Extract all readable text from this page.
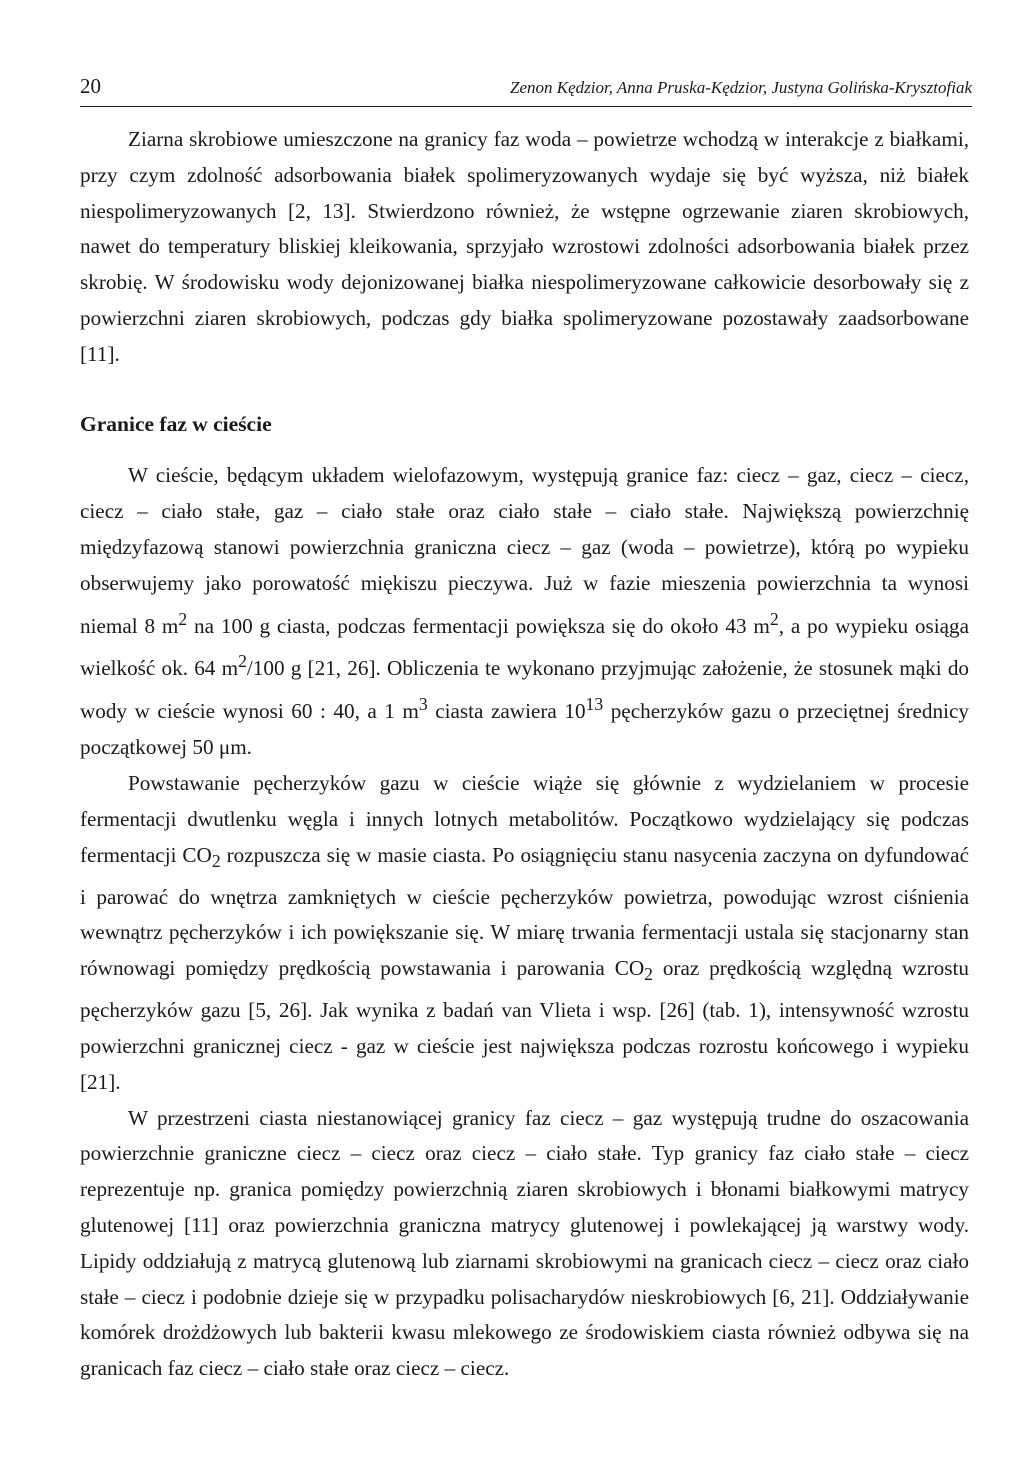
20	Zenon Kędzior, Anna Pruska-Kędzior, Justyna Golińska-Krysztofiak

Ziarna skrobiowe umieszczone na granicy faz woda – powietrze wchodzą w interakcje z białkami, przy czym zdolność adsorbowania białek spolimeryzowanych wydaje się być wyższa, niż białek niespolimeryzowanych [2, 13]. Stwierdzono również, że wstępne ogrzewanie ziaren skrobiowych, nawet do temperatury bliskiej kleikowania, sprzyjało wzrostowi zdolności adsorbowania białek przez skrobię. W środowisku wody dejonizowanej białka niespolimeryzowane całkowicie desorbowały się z powierzchni ziaren skrobiowych, podczas gdy białka spolimeryzowane pozostawały zaadsorbowane [11].

Granice faz w cieście

W cieście, będącym układem wielofazowym, występują granice faz: ciecz – gaz, ciecz – ciecz, ciecz – ciało stałe, gaz – ciało stałe oraz ciało stałe – ciało stałe. Największą powierzchnię międzyfazową stanowi powierzchnia graniczna ciecz – gaz (woda – powietrze), którą po wypieku obserwujemy jako porowatość miękiszu pieczywa. Już w fazie mieszenia powierzchnia ta wynosi niemal 8 $m^2$ na 100 g ciasta, podczas fermentacji powiększa się do około 43 $m^2$, a po wypieku osiąga wielkość ok. 64 $m^2/100$ g [21, 26]. Obliczenia te wykonano przyjmując założenie, że stosunek mąki do wody w cieście wynosi 60 : 40, a 1 $m^3$ ciasta zawiera $10^{13}$ pęcherzyków gazu o przeciętnej średnicy początkowej 50 μm.

Powstawanie pęcherzyków gazu w cieście wiąże się głównie z wydzielaniem w procesie fermentacji dwutlenku węgla i innych lotnych metabolitów. Początkowo wydzielający się podczas fermentacji $CO_2$ rozpuszcza się w masie ciasta. Po osiągnięciu stanu nasycenia zaczyna on dyfundować i parować do wnętrza zamkniętych w cieście pęcherzyków powietrza, powodując wzrost ciśnienia wewnątrz pęcherzyków i ich powiększanie się. W miarę trwania fermentacji ustala się stacjonarny stan równowagi pomiędzy prędkością powstawania i parowania $CO_2$ oraz prędkością względną wzrostu pęcherzyków gazu [5, 26]. Jak wynika z badań van Vlieta i wsp. [26] (tab. 1), intensywność wzrostu powierzchni granicznej ciecz - gaz w cieście jest największa podczas rozrostu końcowego i wypieku [21].

W przestrzeni ciasta niestanowiącej granicy faz ciecz – gaz występują trudne do oszacowania powierzchnie graniczne ciecz – ciecz oraz ciecz – ciało stałe. Typ granicy faz ciało stałe – ciecz reprezentuje np. granica pomiędzy powierzchnią ziaren skrobiowych i błonami białkowymi matrycy glutenowej [11] oraz powierzchnia graniczna matrycy glutenowej i powlekającej ją warstwy wody. Lipidy oddziałują z matrycą glutenową lub ziarnami skrobiowymi na granicach ciecz – ciecz oraz ciało stałe – ciecz i podobnie dzieje się w przypadku polisacharydów nieskrobiowych [6, 21]. Oddziaływanie komórek drożdżowych lub bakterii kwasu mlekowego ze środowiskiem ciasta również odbywa się na granicach faz ciecz – ciało stałe oraz ciecz – ciecz.
